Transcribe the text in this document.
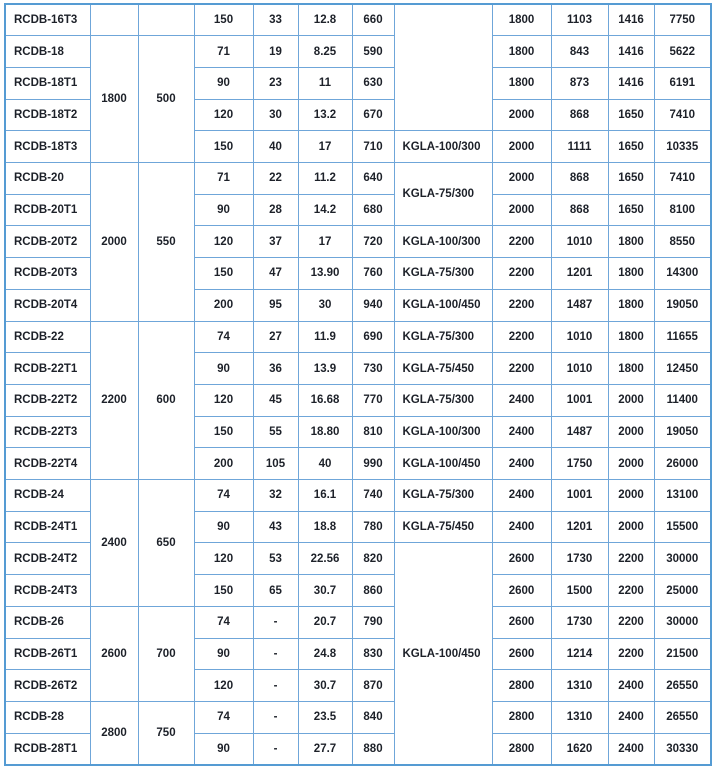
RCDB-16T3			150	33	12.8	660		1800	1103	1416	7750
RCDB-18	1800	500	71	19	8.25	590		1800	843	1416	5622
RCDB-18T1			90	23	11	630		1800	873	1416	6191
RCDB-18T2			120	30	13.2	670		2000	868	1650	7410
RCDB-18T3			150	40	17	710	KGLA-100/300	2000	1111	1650	10335
RCDB-20	2000	550	71	22	11.2	640	KGLA-75/300	2000	868	1650	7410
RCDB-20T1			90	28	14.2	680		2000	868	1650	8100
RCDB-20T2			120	37	17	720	KGLA-100/300	2200	1010	1800	8550
RCDB-20T3			150	47	13.90	760	KGLA-75/300	2200	1201	1800	14300
RCDB-20T4			200	95	30	940	KGLA-100/450	2200	1487	1800	19050
RCDB-22	2200	600	74	27	11.9	690	KGLA-75/300	2200	1010	1800	11655
RCDB-22T1			90	36	13.9	730	KGLA-75/450	2200	1010	1800	12450
RCDB-22T2			120	45	16.68	770	KGLA-75/300	2400	1001	2000	11400
RCDB-22T3			150	55	18.80	810	KGLA-100/300	2400	1487	2000	19050
RCDB-22T4			200	105	40	990	KGLA-100/450	2400	1750	2000	26000
RCDB-24	2400	650	74	32	16.1	740	KGLA-75/300	2400	1001	2000	13100
RCDB-24T1			90	43	18.8	780	KGLA-75/450	2400	1201	2000	15500
RCDB-24T2			120	53	22.56	820	KGLA-100/450	2600	1730	2200	30000
RCDB-24T3			150	65	30.7	860		2600	1500	2200	25000
RCDB-26	2600	700	74	-	20.7	790		2600	1730	2200	30000
RCDB-26T1			90	-	24.8	830		2600	1214	2200	21500
RCDB-26T2			120	-	30.7	870		2800	1310	2400	26550
RCDB-28	2800	750	74	-	23.5	840		2800	1310	2400	26550
RCDB-28T1			90	-	27.7	880		2800	1620	2400	30330
